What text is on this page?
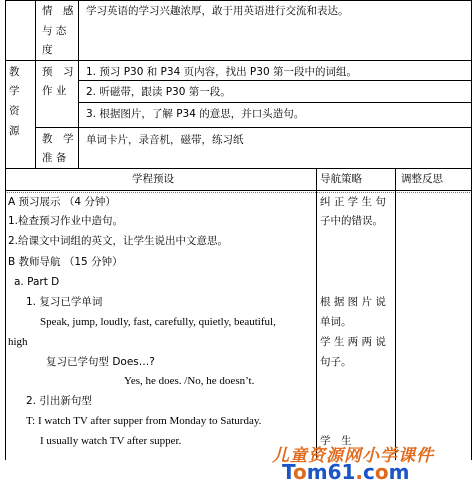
情　感
与 态
度
学习英语的学习兴趣浓厚，敢于用英语进行交流和表达。
教
学
资
源
预　习
作 业
1. 预习 P30 和 P34 页内容，找出 P30 第一段中的词组。
2. 听磁带，跟读 P30 第一段。
3. 根据图片，了解 P34 的意思，并口头造句。
教　学
准 备
单词卡片，录音机，磁带，练习纸
学程预设	导航策略	调整反思
A 预习展示 （4 分钟）
1.检查预习作业中造句。
2.给课文中词组的英文，让学生说出中文意思。
B 教师导航 （15 分钟）
a. Part D
1. 复习已学单词
Speak, jump, loudly, fast, carefully, quietly, beautiful,
high
复习已学句型 Does…?
Yes, he does. /No, he doesn’t.
2. 引出新句型
T: I watch TV after supper from Monday to Saturday.
I usually watch TV after supper.
纠 正 学 生 句
子中的错误。
根 据 图 片 说
单词。
学 生 两 两 说
句子。
学　生
儿童资源网小学课件
Tom61.com
